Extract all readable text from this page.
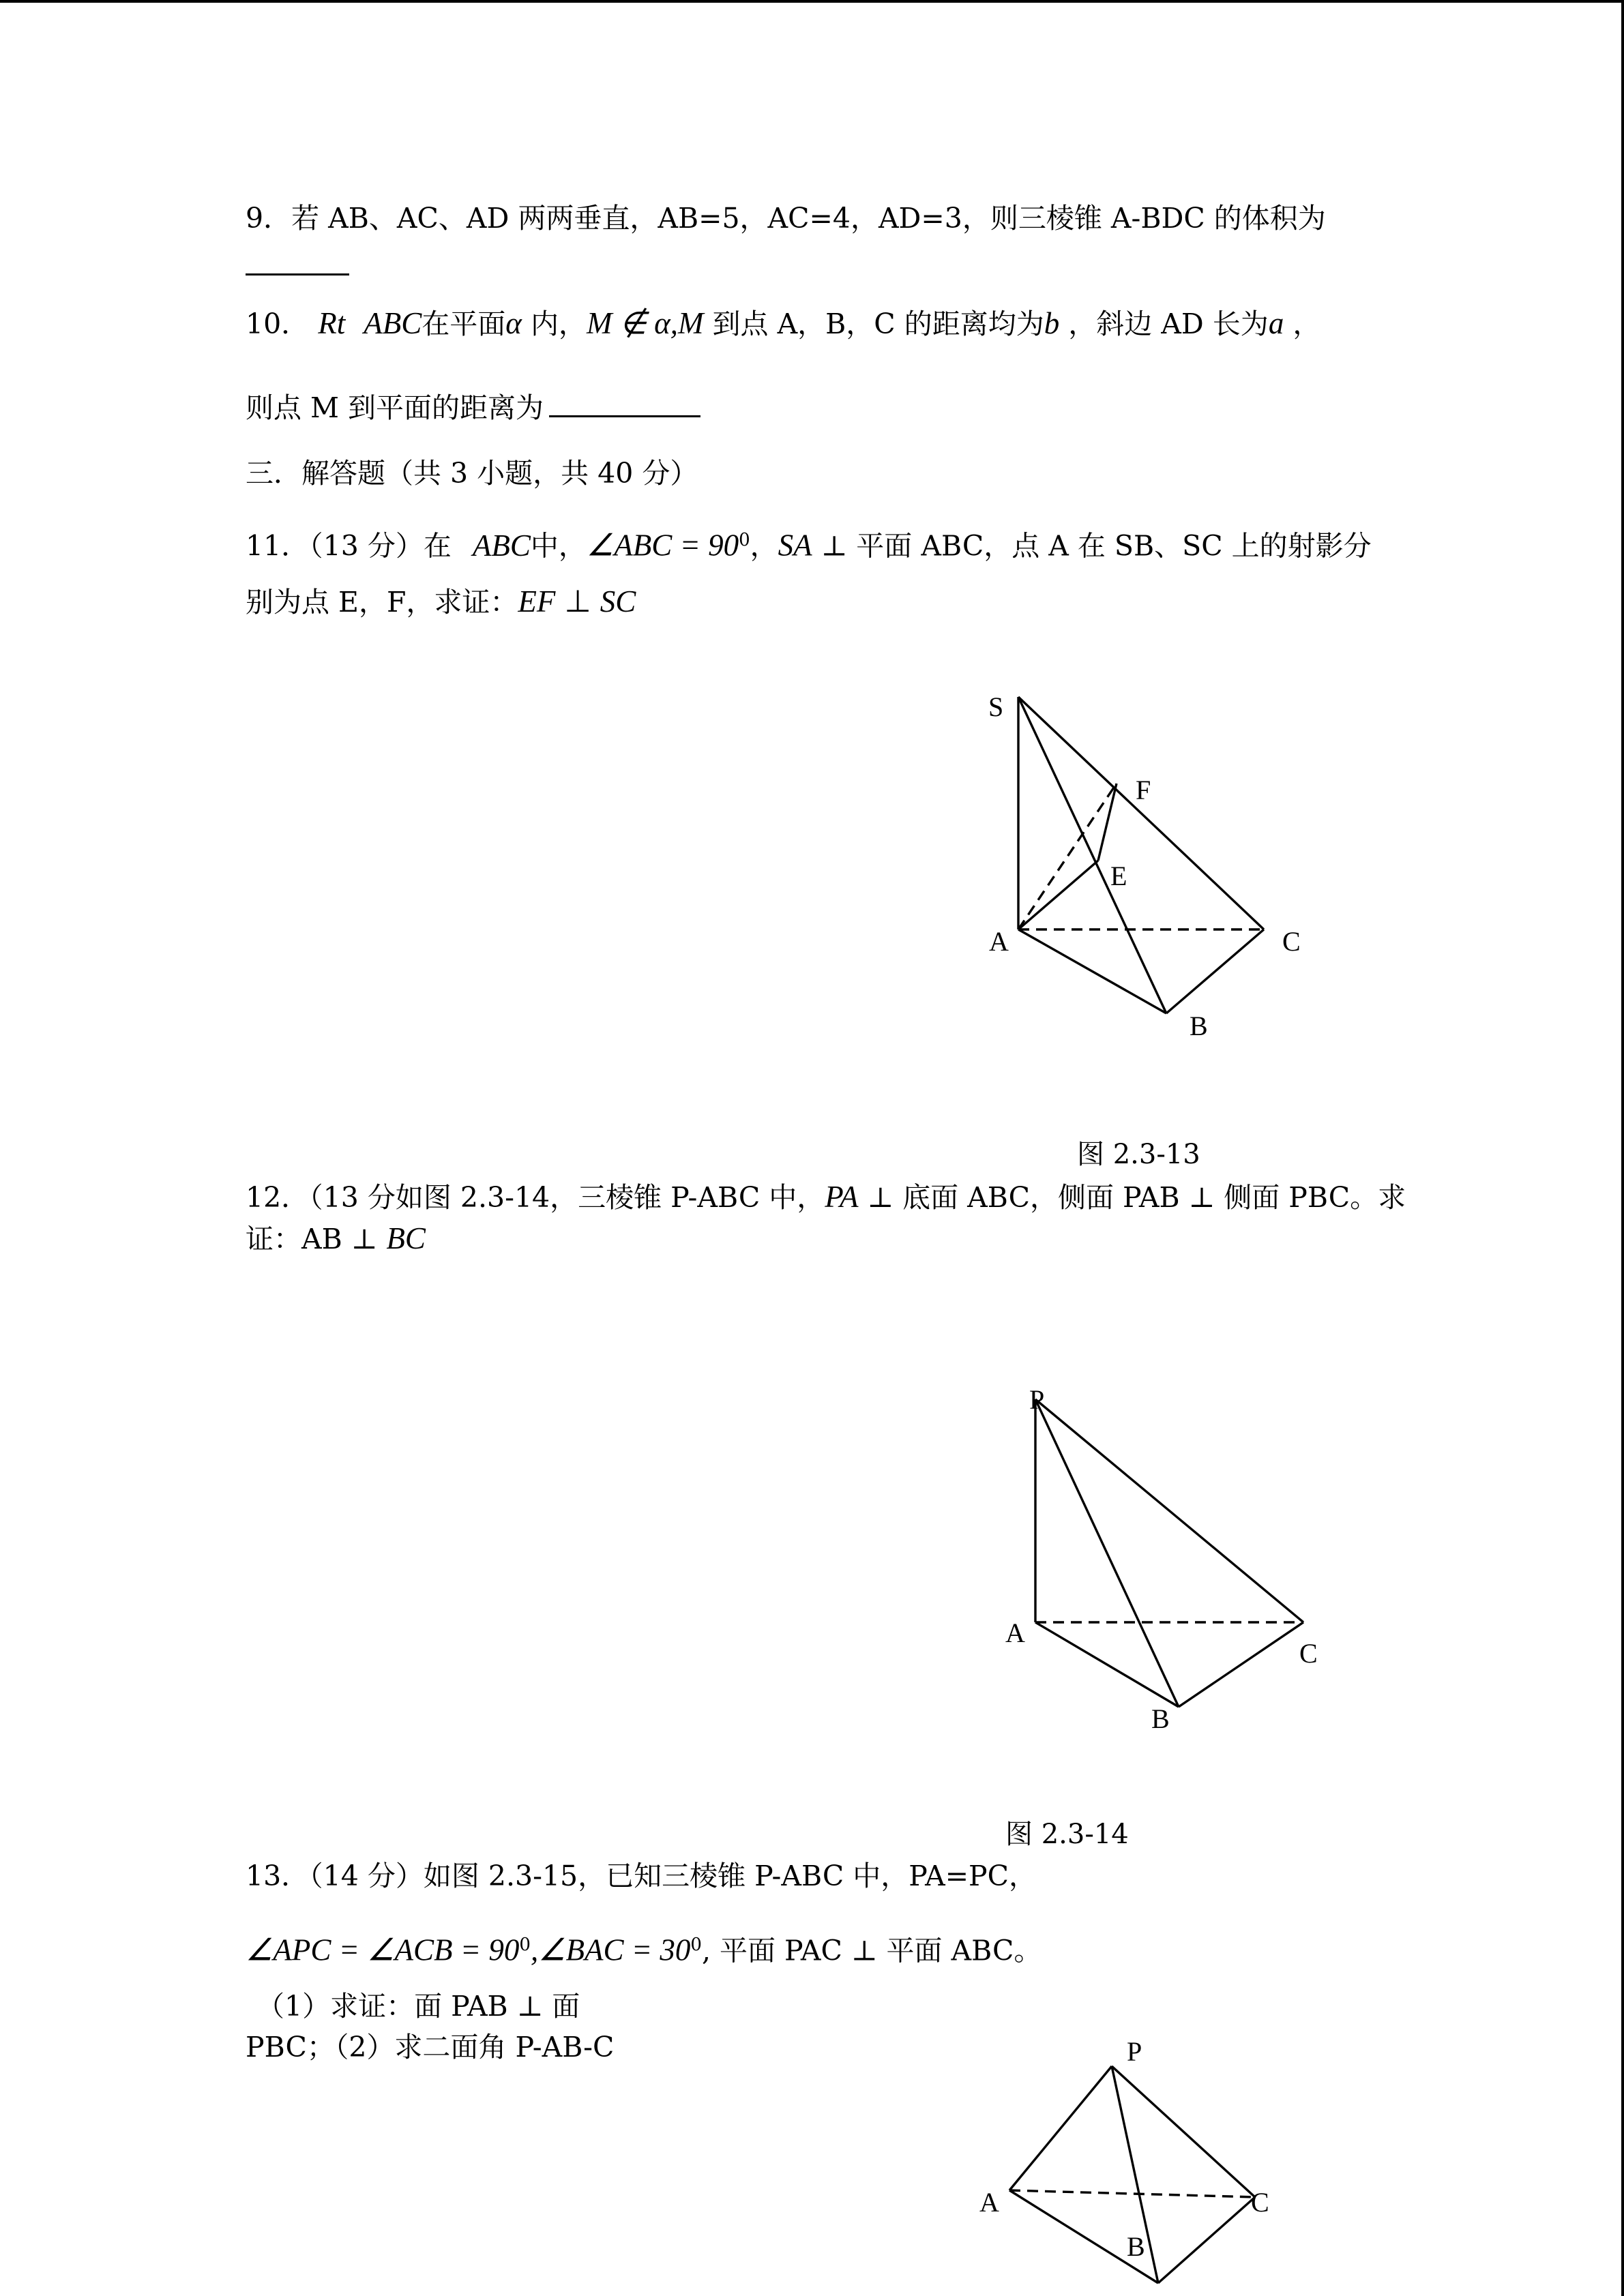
9．若 AB、AC、AD 两两垂直，AB=5，AC=4，AD=3，则三棱锥 A-BDC 的体积为
10． Rt ABC在平面α 内，M ∉ α,M 到点 A，B，C 的距离均为b ，斜边 AD 长为a ，
则点 M 到平面的距离为
三．解答题（共 3 小题，共 40 分）
11．（13 分）在 ABC中，∠ABC = $90^0$，SA ⊥ 平面 ABC，点 A 在 SB、SC 上的射影分
别为点 E，F，求证：EF ⊥ SC
S
F
E
A	C
B
图 2.3-13
12．（13 分如图 2.3-14，三棱锥 P-ABC 中，PA ⊥ 底面 ABC，侧面 PAB ⊥ 侧面 PBC。求
证：AB ⊥ BC
P
A
C
B
图 2.3-14
13．（14 分）如图 2.3-15，已知三棱锥 P-ABC 中，PA=PC，
∠APC = ∠ACB = $90^0,\angle BAC = 30^0$, 平面 PAC ⊥ 平面 ABC。
（1）求证：面 PAB ⊥ 面
PBC；（2）求二面角 P-AB-C	P
A	C
B
